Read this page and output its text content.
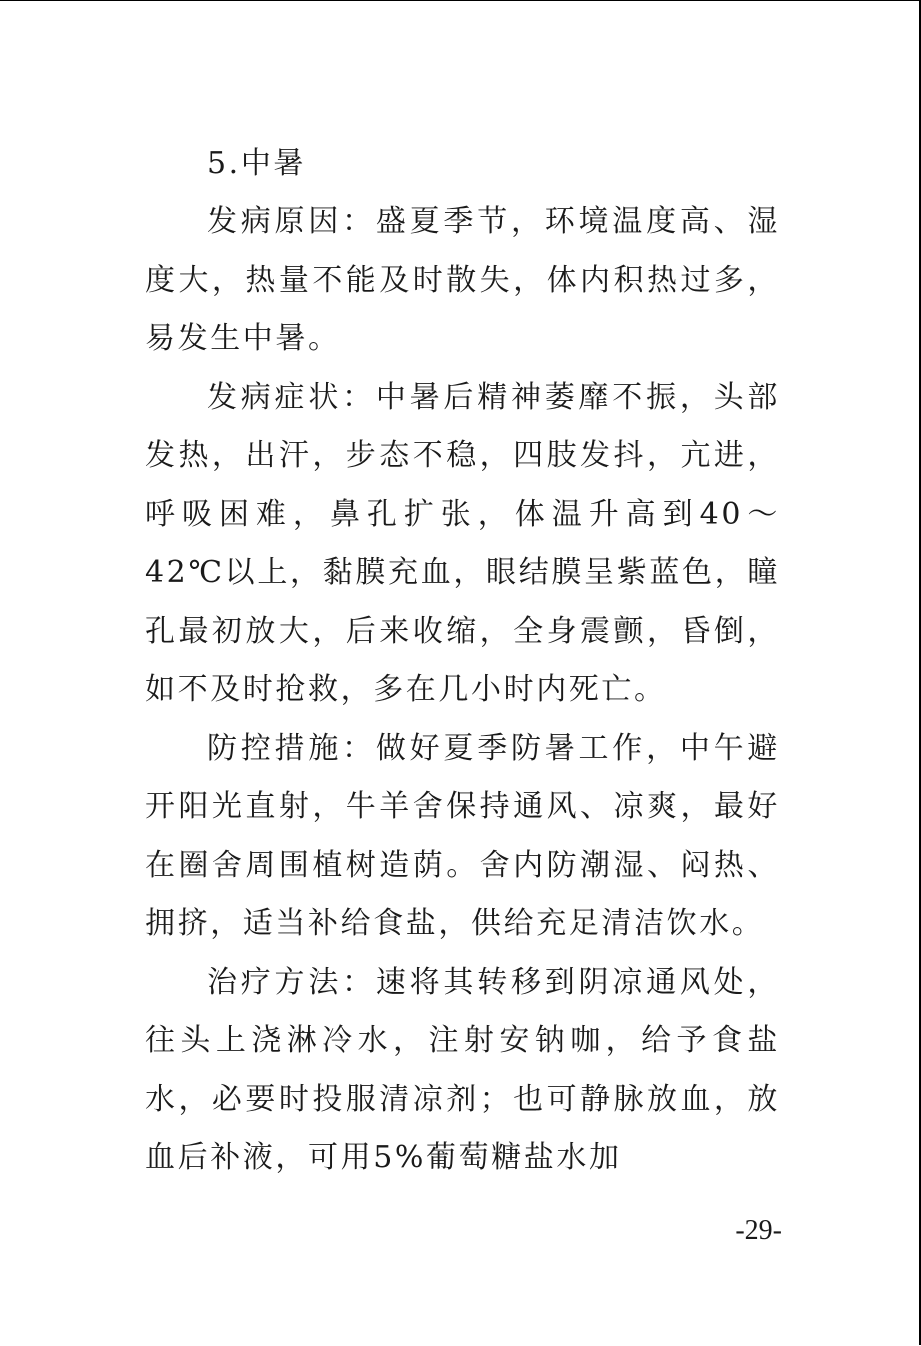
5.中暑

发病原因：盛夏季节，环境温度高、湿度大，热量不能及时散失，体内积热过多，易发生中暑。

发病症状：中暑后精神萎靡不振，头部发热，出汗，步态不稳，四肢发抖，亢进，呼吸困难，鼻孔扩张，体温升高到40～42℃以上，黏膜充血，眼结膜呈紫蓝色，瞳孔最初放大，后来收缩，全身震颤，昏倒，如不及时抢救，多在几小时内死亡。

防控措施：做好夏季防暑工作，中午避开阳光直射，牛羊舍保持通风、凉爽，最好在圈舍周围植树造荫。舍内防潮湿、闷热、拥挤，适当补给食盐，供给充足清洁饮水。

治疗方法：速将其转移到阴凉通风处，往头上浇淋冷水，注射安钠咖，给予食盐水，必要时投服清凉剂；也可静脉放血，放血后补液，可用5%葡萄糖盐水加

-29-
